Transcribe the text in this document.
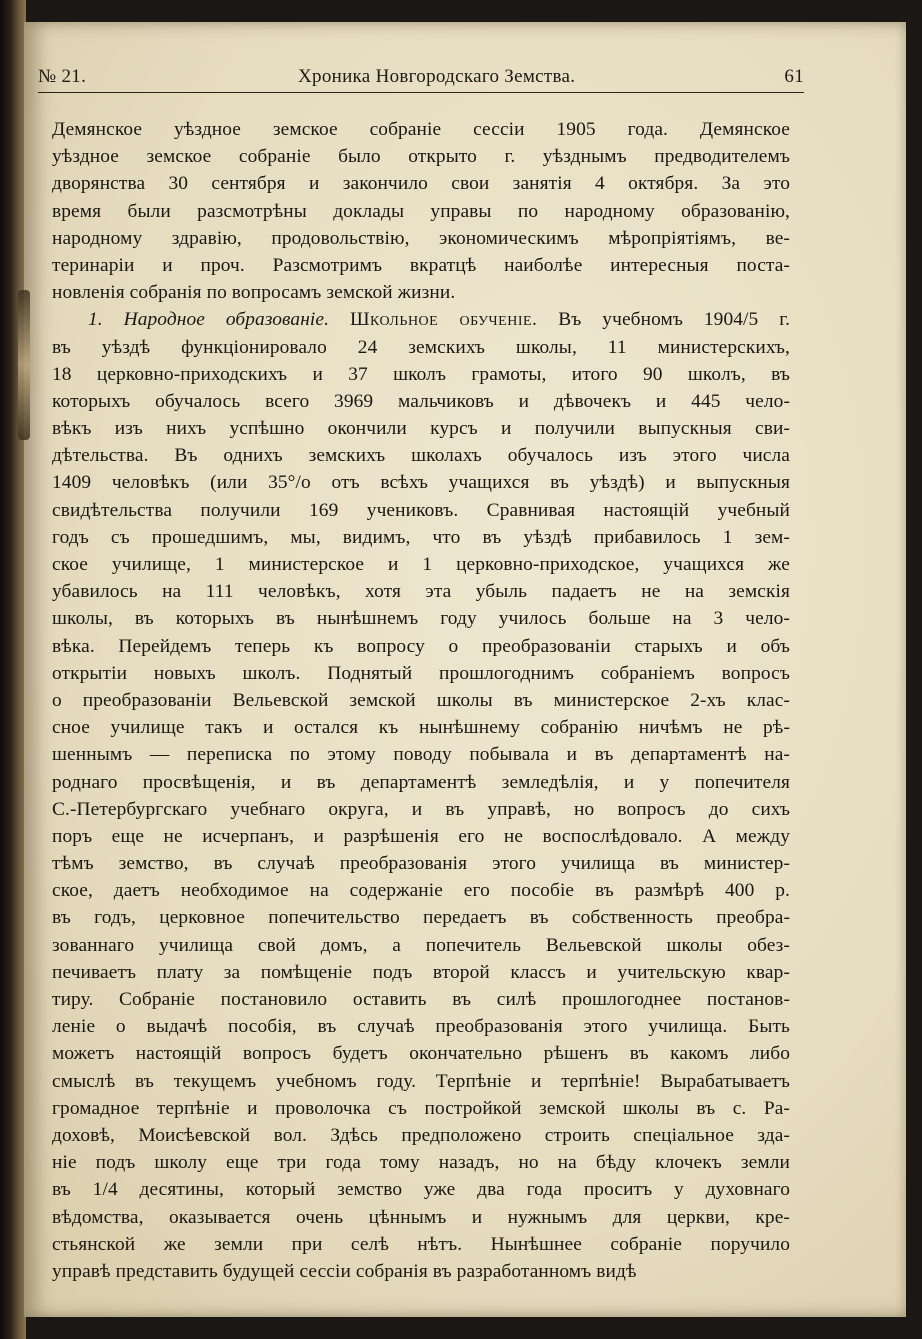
№ 21.	Хроника Новгородскаго Земства.	61
Демянское уѣздное земское собраніе сессіи 1905 года. Демянское
уѣздное земское собраніе было открыто г. уѣзднымъ предводителемъ
дворянства 30 сентября и закончило свои занятія 4 октября. За это
время были разсмотрѣны доклады управы по народному образованію,
народному здравію, продовольствію, экономическимъ мѣропріятіямъ, ве-
теринаріи и проч. Разсмотримъ вкратцѣ наиболѣе интересныя поста-
новленія собранія по вопросамъ земской жизни.
1. Народное образованіе. Школьное обученіе. Въ учебномъ 1904/5 г.
въ уѣздѣ функціонировало 24 земскихъ школы, 11 министерскихъ,
18 церковно-приходскихъ и 37 школъ грамоты, итого 90 школъ, въ
которыхъ обучалось всего 3969 мальчиковъ и дѣвочекъ и 445 чело-
вѣкъ изъ нихъ успѣшно окончили курсъ и получили выпускныя сви-
дѣтельства. Въ однихъ земскихъ школахъ обучалось изъ этого числа
1409 человѣкъ (или 35°/о отъ всѣхъ учащихся въ уѣздѣ) и выпускныя
свидѣтельства получили 169 учениковъ. Сравнивая настоящій учебный
годъ съ прошедшимъ, мы, видимъ, что въ уѣздѣ прибавилось 1 зем-
ское училище, 1 министерское и 1 церковно-приходское, учащихся же
убавилось на 111 человѣкъ, хотя эта убыль падаетъ не на земскія
школы, въ которыхъ въ нынѣшнемъ году училось больше на 3 чело-
вѣка. Перейдемъ теперь къ вопросу о преобразованіи старыхъ и объ
открытіи новыхъ школъ. Поднятый прошлогоднимъ собраніемъ вопросъ
о преобразованіи Вельевской земской школы въ министерское 2-хъ клас-
сное училище такъ и остался къ нынѣшнему собранію ничѣмъ не рѣ-
шеннымъ — переписка по этому поводу побывала и въ департаментѣ на-
роднаго просвѣщенія, и въ департаментѣ земледѣлія, и у попечителя
С.-Петербургскаго учебнаго округа, и въ управѣ, но вопросъ до сихъ
поръ еще не исчерпанъ, и разрѣшенія его не воспослѣдовало. А между
тѣмъ земство, въ случаѣ преобразованія этого училища въ министер-
ское, даетъ необходимое на содержаніе его пособіе въ размѣрѣ 400 р.
въ годъ, церковное попечительство передаетъ въ собственность преобра-
зованнаго училища свой домъ, а попечитель Вельевской школы обез-
печиваетъ плату за помѣщеніе подъ второй классъ и учительскую квар-
тиру. Собраніе постановило оставить въ силѣ прошлогоднее постанов-
леніе о выдачѣ пособія, въ случаѣ преобразованія этого училища. Быть
можетъ настоящій вопросъ будетъ окончательно рѣшенъ въ какомъ либо
смыслѣ въ текущемъ учебномъ году. Терпѣніе и терпѣніе! Вырабатываетъ
громадное терпѣніе и проволочка съ постройкой земской школы въ с. Ра-
доховѣ, Моисѣевской вол. Здѣсь предположено строить спеціальное зда-
ніе подъ школу еще три года тому назадъ, но на бѣду клочекъ земли
въ 1/4 десятины, который земство уже два года проситъ у духовнаго
вѣдомства, оказывается очень цѣннымъ и нужнымъ для церкви, кре-
стьянской же земли при селѣ нѣтъ. Нынѣшнее собраніе поручило
управѣ представить будущей сессіи собранія въ разработанномъ видѣ
